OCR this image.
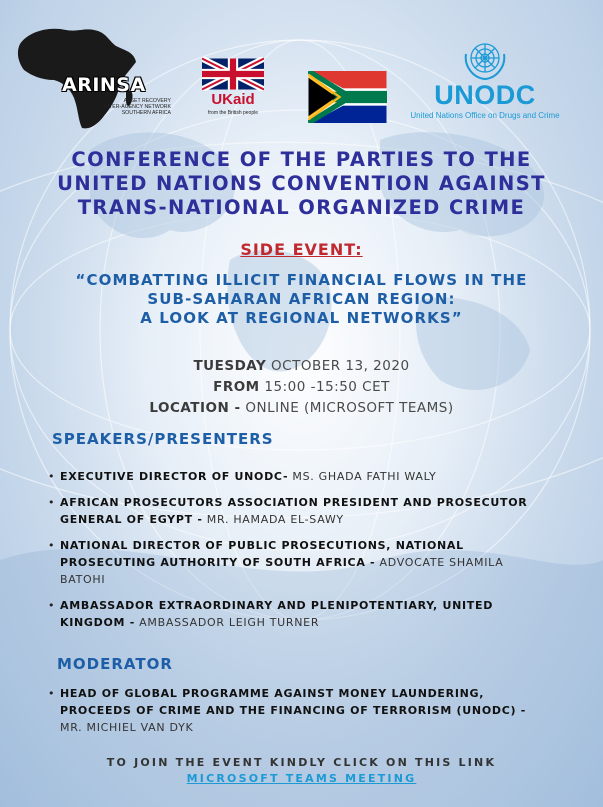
ARINSA
ASSET RECOVERY
INTER-AGENCY NETWORK
SOUTHERN AFRICA
UKaid
from the British people
UNODC
United Nations Office on Drugs and Crime
CONFERENCE OF THE PARTIES TO THE
UNITED NATIONS CONVENTION AGAINST
TRANS-NATIONAL ORGANIZED CRIME
SIDE EVENT:
“COMBATTING ILLICIT FINANCIAL FLOWS IN THE
SUB-SAHARAN AFRICAN REGION:
A LOOK AT REGIONAL NETWORKS”
TUESDAY OCTOBER 13, 2020
FROM 15:00 -15:50 CET
LOCATION - ONLINE (MICROSOFT TEAMS)
SPEAKERS/PRESENTERS
• EXECUTIVE DIRECTOR OF UNODC- MS. GHADA FATHI WALY
• AFRICAN PROSECUTORS ASSOCIATION PRESIDENT AND PROSECUTOR GENERAL OF EGYPT - MR. HAMADA EL-SAWY
• NATIONAL DIRECTOR OF PUBLIC PROSECUTIONS, NATIONAL PROSECUTING AUTHORITY OF SOUTH AFRICA - ADVOCATE SHAMILA BATOHI
• AMBASSADOR EXTRAORDINARY AND PLENIPOTENTIARY, UNITED KINGDOM - AMBASSADOR LEIGH TURNER
MODERATOR
• HEAD OF GLOBAL PROGRAMME AGAINST MONEY LAUNDERING, PROCEEDS OF CRIME AND THE FINANCING OF TERRORISM (UNODC) - MR. MICHIEL VAN DYK
TO JOIN THE EVENT KINDLY CLICK ON THIS LINK
MICROSOFT TEAMS MEETING
